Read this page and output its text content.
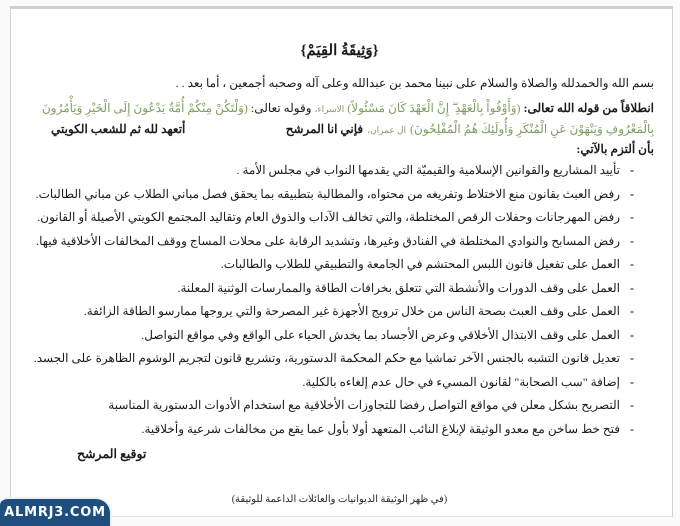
{وَثِيقَةُ القِيَمْ}
بسم الله والحمدلله والصلاة والسلام على نبينا محمد بن عبدالله وعلى آله وصحبه أجمعين ، أما بعد . .
انطلاقاً من قوله الله تعالى: (وَأَوْفُواْ بِالْعَهْدِ ۖ إِنَّ الْعَهْدَ كَانَ مَسْئُولاً) الاسراء، وقوله تعالى: (وَلْتَكُنْ مِنْكُمْ أُمَّةٌ يَدْعُونَ إِلَى الْخَيْرِ وَيَأْمُرُونَ
بِالْمَعْرُوفِ وَيَنْهَوْنَ عَنِ الْمُنْكَرِ وَأُولَئِكَ هُمُ الْمُفْلِحُونَ)
ال عمران،
فإني انا المرشح
أتعهد لله ثم للشعب الكويتي
بأن ألتزم بالآتي:
-
تأييد المشاريع والقوانين الإسلامية والقيميّة التي يقدمها النواب في مجلس الأمة .
-
رفض العبث بقانون منع الاختلاط وتفريغه من محتواه، والمطالبة بتطبيقه بما يحقق فصل مباني الطلاب عن مباني الطالبات.
-
رفض المهرجانات وحفلات الرقص المختلطة، والتي تخالف الآداب والذوق العام وتقاليد المجتمع الكويتي الأصيلة أو القانون.
-
رفض المسابح والنوادي المختلطة في الفنادق وغيرها، وتشديد الرقابة على محلات المساج ووقف المخالفات الأخلاقية فيها.
-
العمل على تفعيل قانون اللبس المحتشم في الجامعة والتطبيقي للطلاب والطالبات.
-
العمل على وقف الدورات والأنشطة التي تتعلق بخرافات الطاقة والممارسات الوثنية المعلنة.
-
العمل على وقف العبث بصحة الناس من خلال ترويج الأجهزة غير المصرحة والتي يروجها ممارسو الطاقة الزائفة.
-
العمل على وقف الابتذال الأخلاقي وعرض الأجساد بما يخدش الحياء على الواقع وفي مواقع التواصل.
-
تعديل قانون التشبه بالجنس الآخر تماشيا مع حكم المحكمة الدستورية، وتشريع قانون لتجريم الوشوم الظاهرة على الجسد.
-
إضافة "سب الصحابة" لقانون المسيء في حال عدم إلغاءه بالكلية.
-
التصريح بشكل معلن في مواقع التواصل رفضا للتجاوزات الأخلاقية مع استخدام الأدوات الدستورية المناسبة
-
فتح خط ساخن مع معدو الوثيقة لإبلاغ النائب المتعهد أولا بأول عما يقع من مخالفات شرعية وأخلاقية.
توقيع المرشح
(في ظهر الوثيقة الديوانيات والعائلات الداعمة للوثيقة)
ALMRJ3.COM
